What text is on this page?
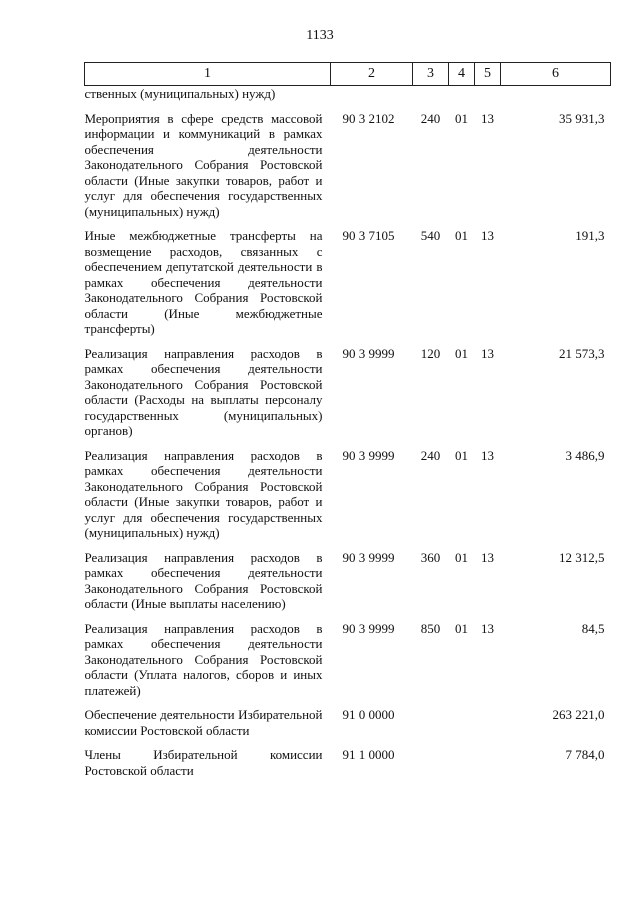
1133
1	2	3	4	5	6
ственных (муниципальных) нужд)					
Мероприятия в сфере средств массовой информации и коммуникаций в рамках обеспечения деятельности Законодательного Собрания Ростовской области (Иные закупки товаров, работ и услуг для обеспечения государственных (муниципальных) нужд)	90 3 2102	240	01	13	35 931,3
Иные межбюджетные трансферты на возмещение расходов, связанных с обеспечением депутатской деятельности в рамках обеспечения деятельности Законодательного Собрания Ростовской области (Иные межбюджетные трансферты)	90 3 7105	540	01	13	191,3
Реализация направления расходов в рамках обеспечения деятельности Законодательного Собрания Ростовской области (Расходы на выплаты персоналу государственных (муниципальных) органов)	90 3 9999	120	01	13	21 573,3
Реализация направления расходов в рамках обеспечения деятельности Законодательного Собрания Ростовской области (Иные закупки товаров, работ и услуг для обеспечения государственных (муниципальных) нужд)	90 3 9999	240	01	13	3 486,9
Реализация направления расходов в рамках обеспечения деятельности Законодательного Собрания Ростовской области (Иные выплаты населению)	90 3 9999	360	01	13	12 312,5
Реализация направления расходов в рамках обеспечения деятельности Законодательного Собрания Ростовской области (Уплата налогов, сборов и иных платежей)	90 3 9999	850	01	13	84,5
Обеспечение деятельности Избирательной комиссии Ростовской области	91 0 0000				263 221,0
Члены Избирательной комиссии Ростовской области	91 1 0000				7 784,0
